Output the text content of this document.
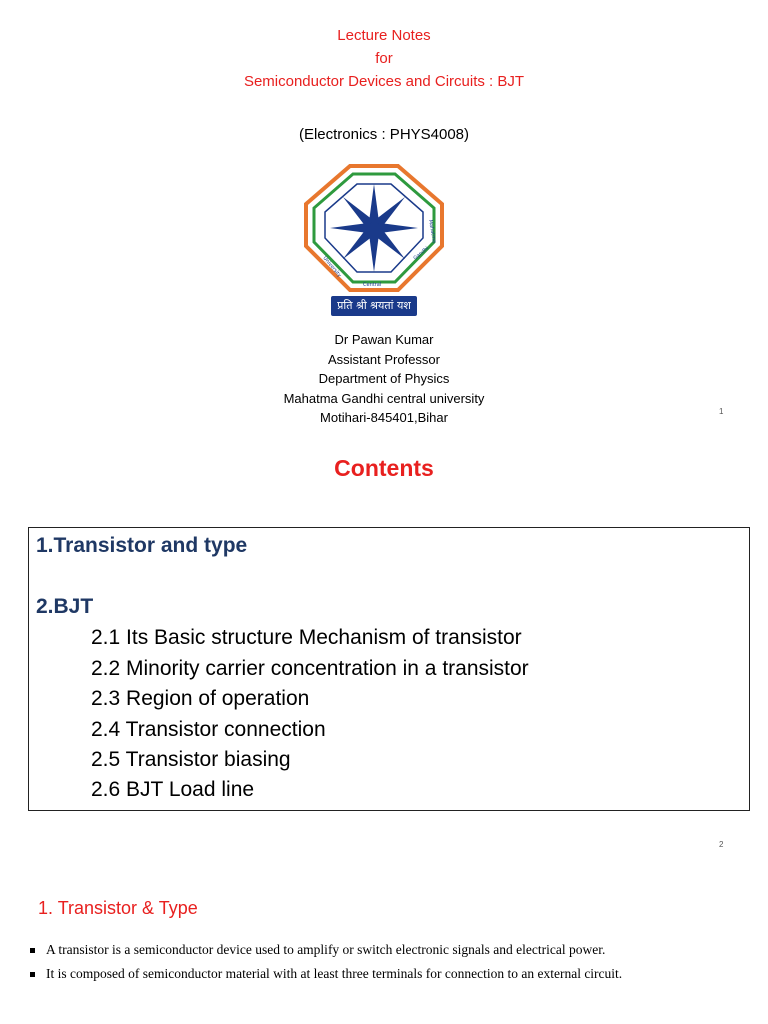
Lecture Notes
for
Semiconductor Devices and Circuits : BJT
(Electronics : PHYS4008)
Mahatma
Gandhi
Central
University
प्रति श्री श्रयतां यश
Dr Pawan Kumar
Assistant Professor
Department of Physics
Mahatma Gandhi central university
Motihari-845401,Bihar	1
Contents
1.Transistor and type
2.BJT
2.1 Its Basic structure Mechanism of transistor
2.2 Minority carrier concentration in a transistor
2.3 Region of operation
2.4 Transistor connection
2.5 Transistor biasing
2.6 BJT Load line
2
1. Transistor & Type
A transistor is a semiconductor device used to amplify or switch electronic signals and electrical power.
It is composed of semiconductor material with at least three terminals for connection to an external circuit.
